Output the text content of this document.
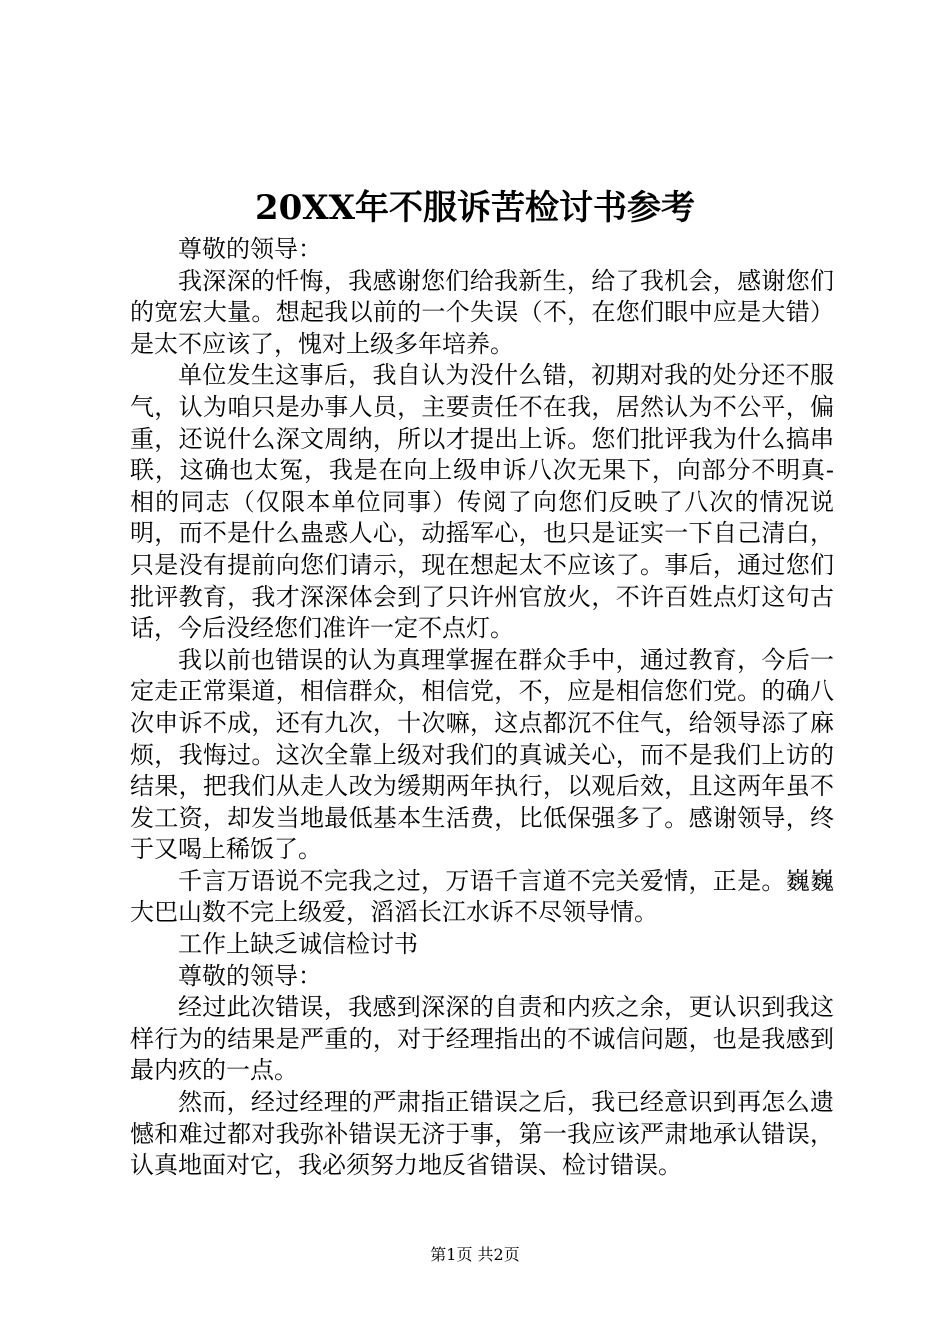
20XX年不服诉苦检讨书参考

尊敬的领导：

我深深的忏悔，我感谢您们给我新生，给了我机会，感谢您们的宽宏大量。想起我以前的一个失误（不，在您们眼中应是大错）是太不应该了，愧对上级多年培养。

单位发生这事后，我自认为没什么错，初期对我的处分还不服气，认为咱只是办事人员，主要责任不在我，居然认为不公平，偏重，还说什么深文周纳，所以才提出上诉。您们批评我为什么搞串联，这确也太冤，我是在向上级申诉八次无果下，向部分不明真-相的同志（仅限本单位同事）传阅了向您们反映了八次的情况说明，而不是什么蛊惑人心，动摇军心，也只是证实一下自己清白，只是没有提前向您们请示，现在想起太不应该了。事后，通过您们批评教育，我才深深体会到了只许州官放火，不许百姓点灯这句古话，今后没经您们准许一定不点灯。

我以前也错误的认为真理掌握在群众手中，通过教育，今后一定走正常渠道，相信群众，相信党，不，应是相信您们党。的确八次申诉不成，还有九次，十次嘛，这点都沉不住气，给领导添了麻烦，我悔过。这次全靠上级对我们的真诚关心，而不是我们上访的结果，把我们从走人改为缓期两年执行，以观后效，且这两年虽不发工资，却发当地最低基本生活费，比低保强多了。感谢领导，终于又喝上稀饭了。

千言万语说不完我之过，万语千言道不完关爱情，正是。巍巍大巴山数不完上级爱，滔滔长江水诉不尽领导情。

工作上缺乏诚信检讨书

尊敬的领导：

经过此次错误，我感到深深的自责和内疚之余，更认识到我这样行为的结果是严重的，对于经理指出的不诚信问题，也是我感到最内疚的一点。

然而，经过经理的严肃指正错误之后，我已经意识到再怎么遗憾和难过都对我弥补错误无济于事，第一我应该严肃地承认错误，认真地面对它，我必须努力地反省错误、检讨错误。

第1页 共2页
